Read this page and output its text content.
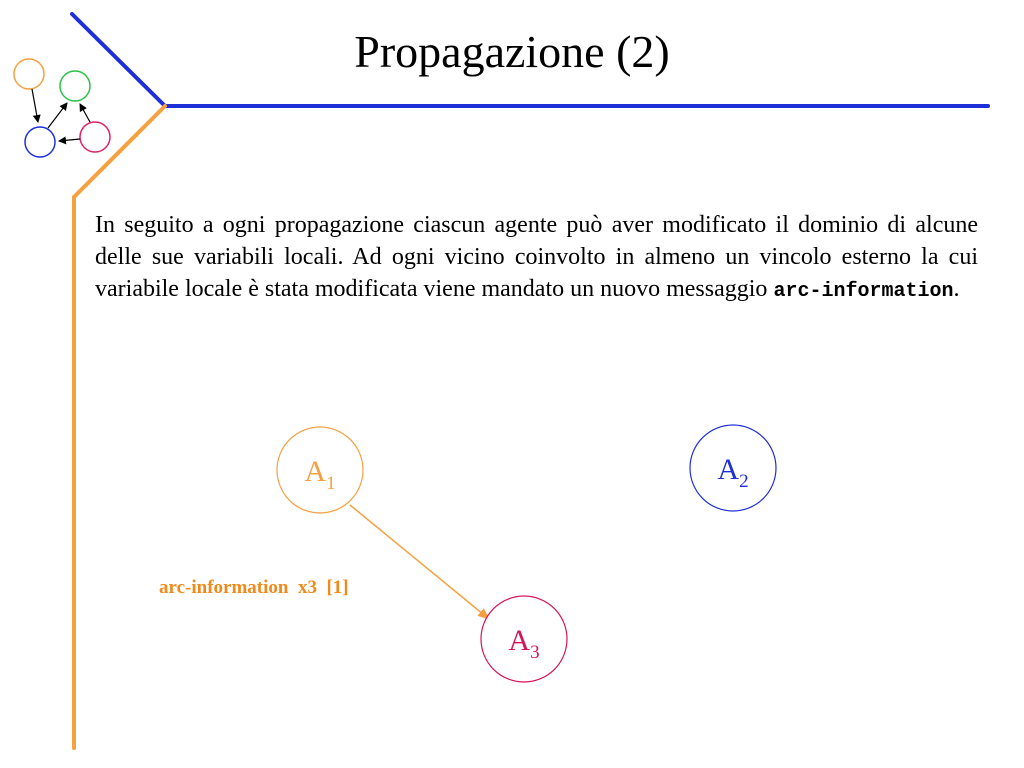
Propagazione (2)
In seguito a ogni propagazione ciascun agente può aver modificato il dominio di alcune delle sue variabili locali. Ad ogni vicino coinvolto in almeno un vincolo esterno la cui variabile locale è stata modificata viene mandato un nuovo messaggio arc-information.
$A_1$	$A_2$
$A_3$
arc-information  x3  [1]
